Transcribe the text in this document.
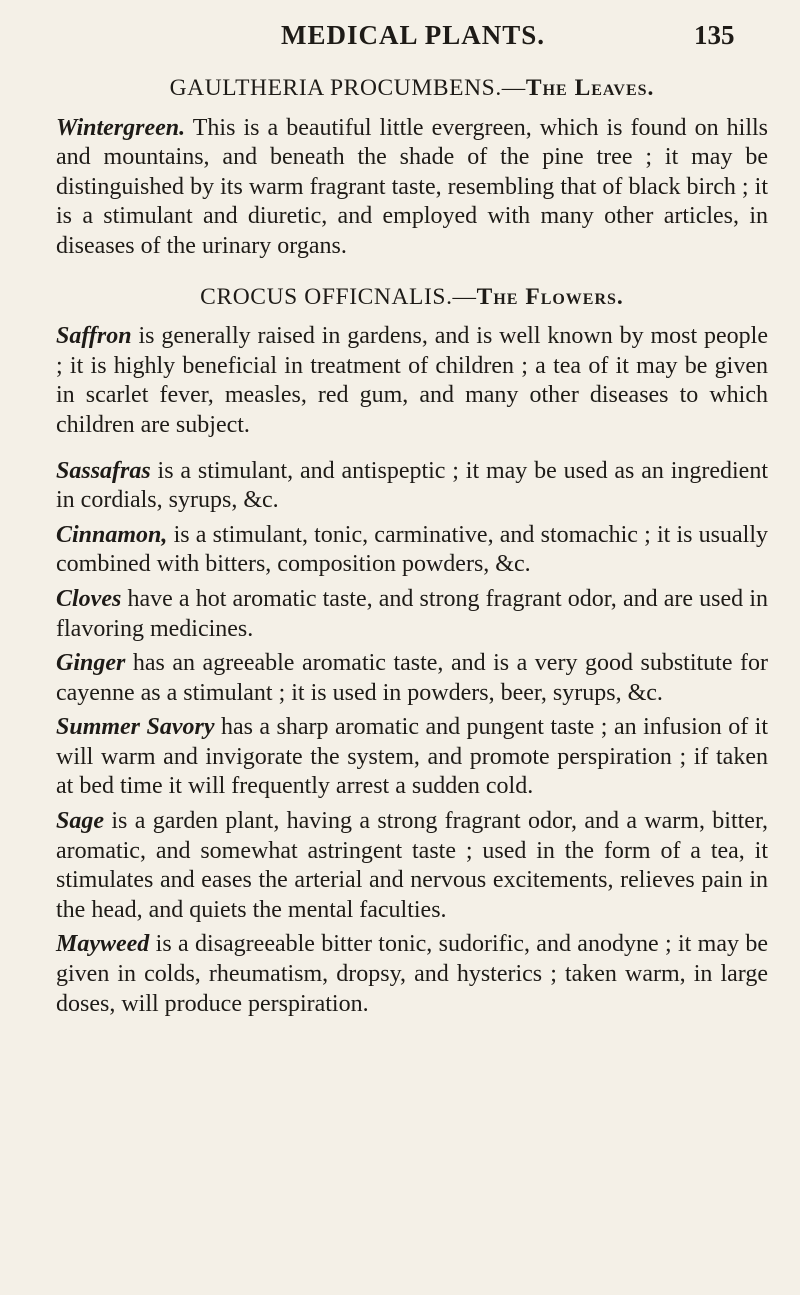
MEDICAL PLANTS.	135
GAULTHERIA PROCUMBENS.—The Leaves.

Wintergreen. This is a beautiful little evergreen, which is found on hills and mountains, and beneath the shade of the pine tree ; it may be distinguished by its warm fragrant taste, resembling that of black birch ; it is a stimulant and diuretic, and employed with many other articles, in diseases of the urinary organs.

CROCUS OFFICNALIS.—The Flowers.

Saffron is generally raised in gardens, and is well known by most people ; it is highly beneficial in treatment of children ; a tea of it may be given in scarlet fever, measles, red gum, and many other diseases to which children are subject.

Sassafras is a stimulant, and antispeptic ; it may be used as an ingredient in cordials, syrups, &c.

Cinnamon, is a stimulant, tonic, carminative, and stomachic ; it is usually combined with bitters, composition powders, &c.

Cloves have a hot aromatic taste, and strong fragrant odor, and are used in flavoring medicines.

Ginger has an agreeable aromatic taste, and is a very good substitute for cayenne as a stimulant ; it is used in powders, beer, syrups, &c.

Summer Savory has a sharp aromatic and pungent taste ; an infusion of it will warm and invigorate the system, and promote perspiration ; if taken at bed time it will frequently arrest a sudden cold.

Sage is a garden plant, having a strong fragrant odor, and a warm, bitter, aromatic, and somewhat astringent taste ; used in the form of a tea, it stimulates and eases the arterial and nervous excitements, relieves pain in the head, and quiets the mental faculties.

Mayweed is a disagreeable bitter tonic, sudorific, and anodyne ; it may be given in colds, rheumatism, dropsy, and hysterics ; taken warm, in large doses, will produce perspiration.
